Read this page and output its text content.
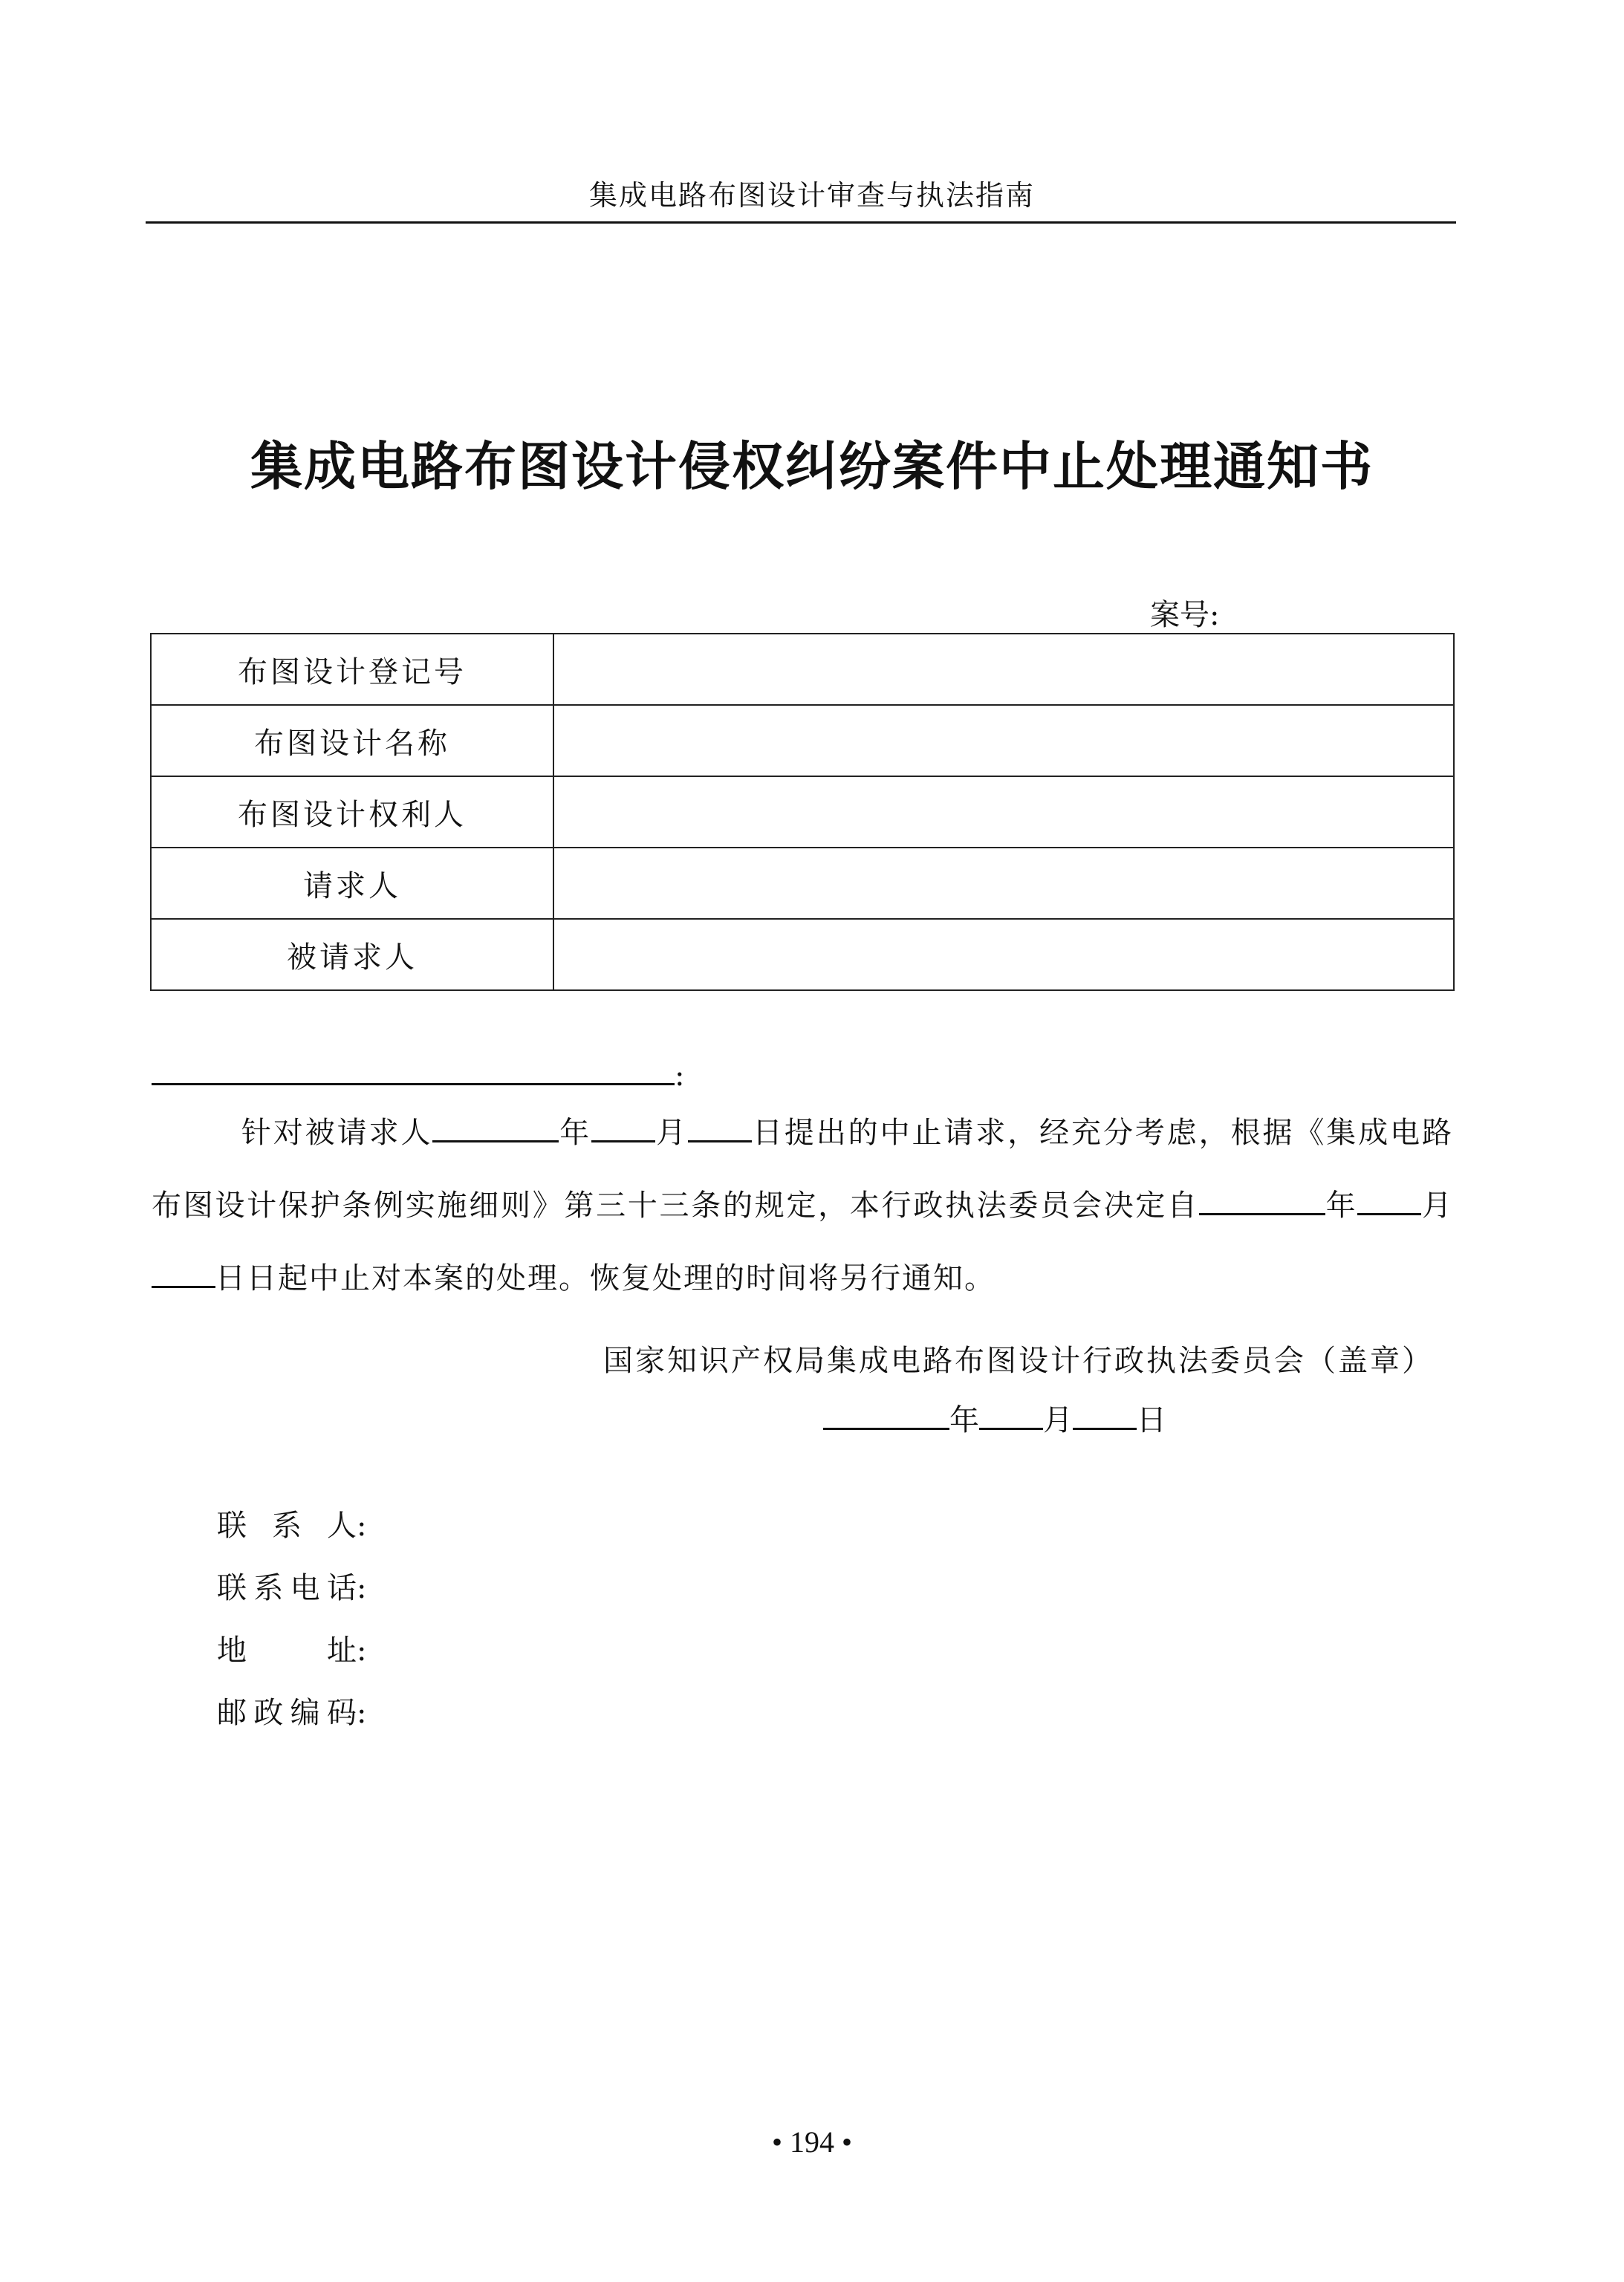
集成电路布图设计审查与执法指南
集成电路布图设计侵权纠纷案件中止处理通知书
案号:
布图设计登记号	
布图设计名称	
布图设计权利人	
请求人	
被请求人	
:
针对被请求人	年 月 日提出的中止请求，经充分考虑，根据《集成电路布图设计保护条例实施细则》第三十三条的规定，本行政执法委员会决定自	年 月日日起中止对本案的处理。恢复处理的时间将另行通知。
国家知识产权局集成电路布图设计行政执法委员会（盖章）
年 月 日
联系人 :
联系电话 :
地址 :
邮政编码 :
• 194 •
